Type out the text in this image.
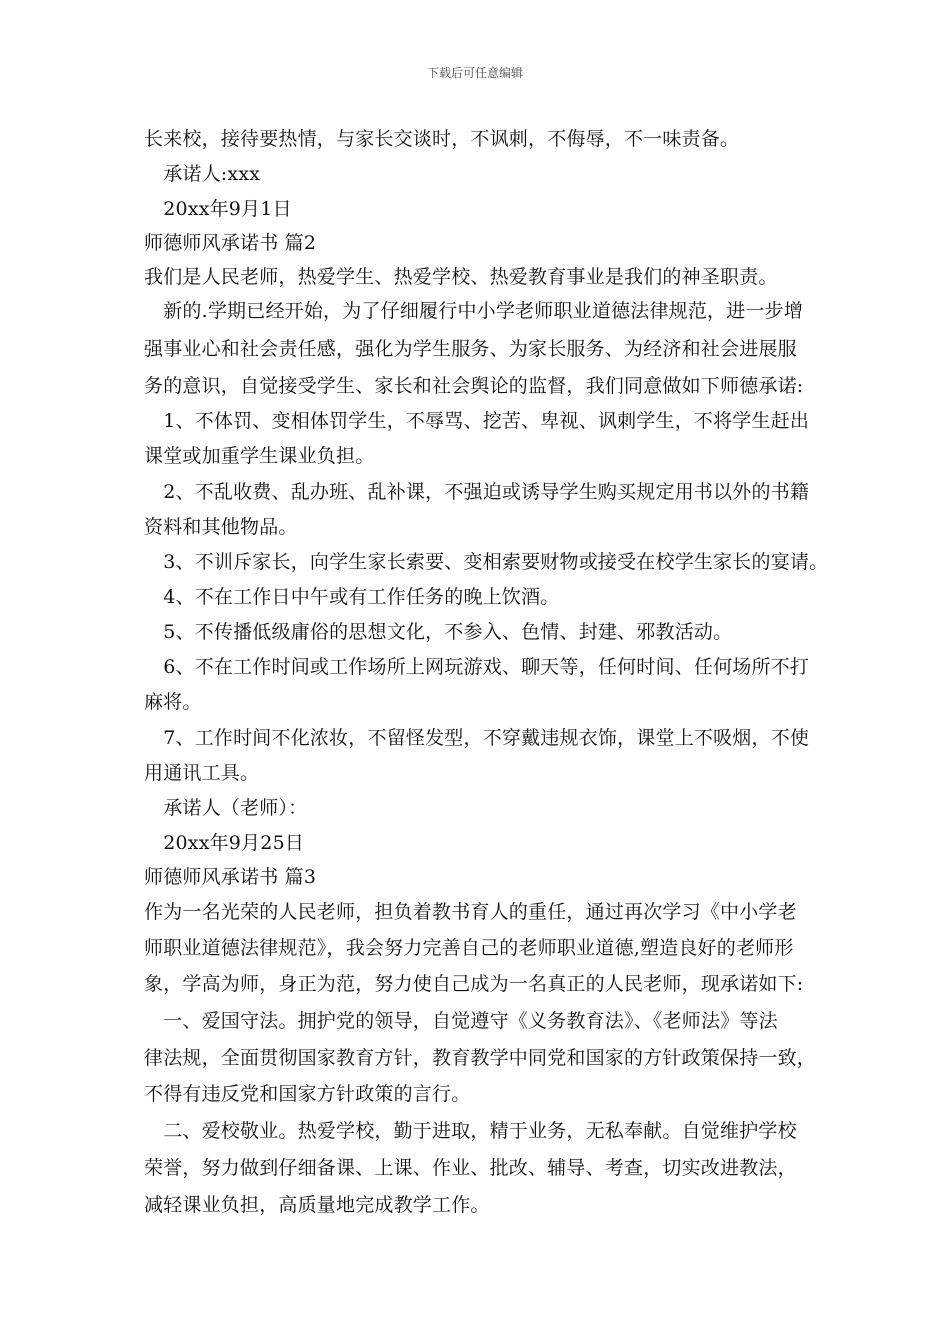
下载后可任意编辑
长来校，接待要热情，与家长交谈时，不讽刺，不侮辱，不一味责备。
　承诺人:xxx
　20xx年9月1日
师德师风承诺书 篇2
我们是人民老师，热爱学生、热爱学校、热爱教育事业是我们的神圣职责。
　新的.学期已经开始，为了仔细履行中小学老师职业道德法律规范，进一步增
强事业心和社会责任感，强化为学生服务、为家长服务、为经济和社会进展服
务的意识，自觉接受学生、家长和社会舆论的监督，我们同意做如下师德承诺:
　1、不体罚、变相体罚学生，不辱骂、挖苦、卑视、讽刺学生，不将学生赶出
课堂或加重学生课业负担。
　2、不乱收费、乱办班、乱补课，不强迫或诱导学生购买规定用书以外的书籍
资料和其他物品。
　3、不训斥家长，向学生家长索要、变相索要财物或接受在校学生家长的宴请。
　4、不在工作日中午或有工作任务的晚上饮酒。
　5、不传播低级庸俗的思想文化，不参入、色情、封建、邪教活动。
　6、不在工作时间或工作场所上网玩游戏、聊天等，任何时间、任何场所不打
麻将。
　7、工作时间不化浓妆，不留怪发型，不穿戴违规衣饰，课堂上不吸烟，不使
用通讯工具。
　承诺人（老师）：
　20xx年9月25日
师德师风承诺书 篇3
作为一名光荣的人民老师，担负着教书育人的重任，通过再次学习《中小学老
师职业道德法律规范》，我会努力完善自己的老师职业道德,塑造良好的老师形
象，学高为师，身正为范，努力使自己成为一名真正的人民老师，现承诺如下:
　一、爱国守法。拥护党的领导，自觉遵守《义务教育法》、《老师法》等法
律法规，全面贯彻国家教育方针，教育教学中同党和国家的方针政策保持一致，
不得有违反党和国家方针政策的言行。
　二、爱校敬业。热爱学校，勤于进取，精于业务，无私奉献。自觉维护学校
荣誉，努力做到仔细备课、上课、作业、批改、辅导、考查，切实改进教法，
减轻课业负担，高质量地完成教学工作。
